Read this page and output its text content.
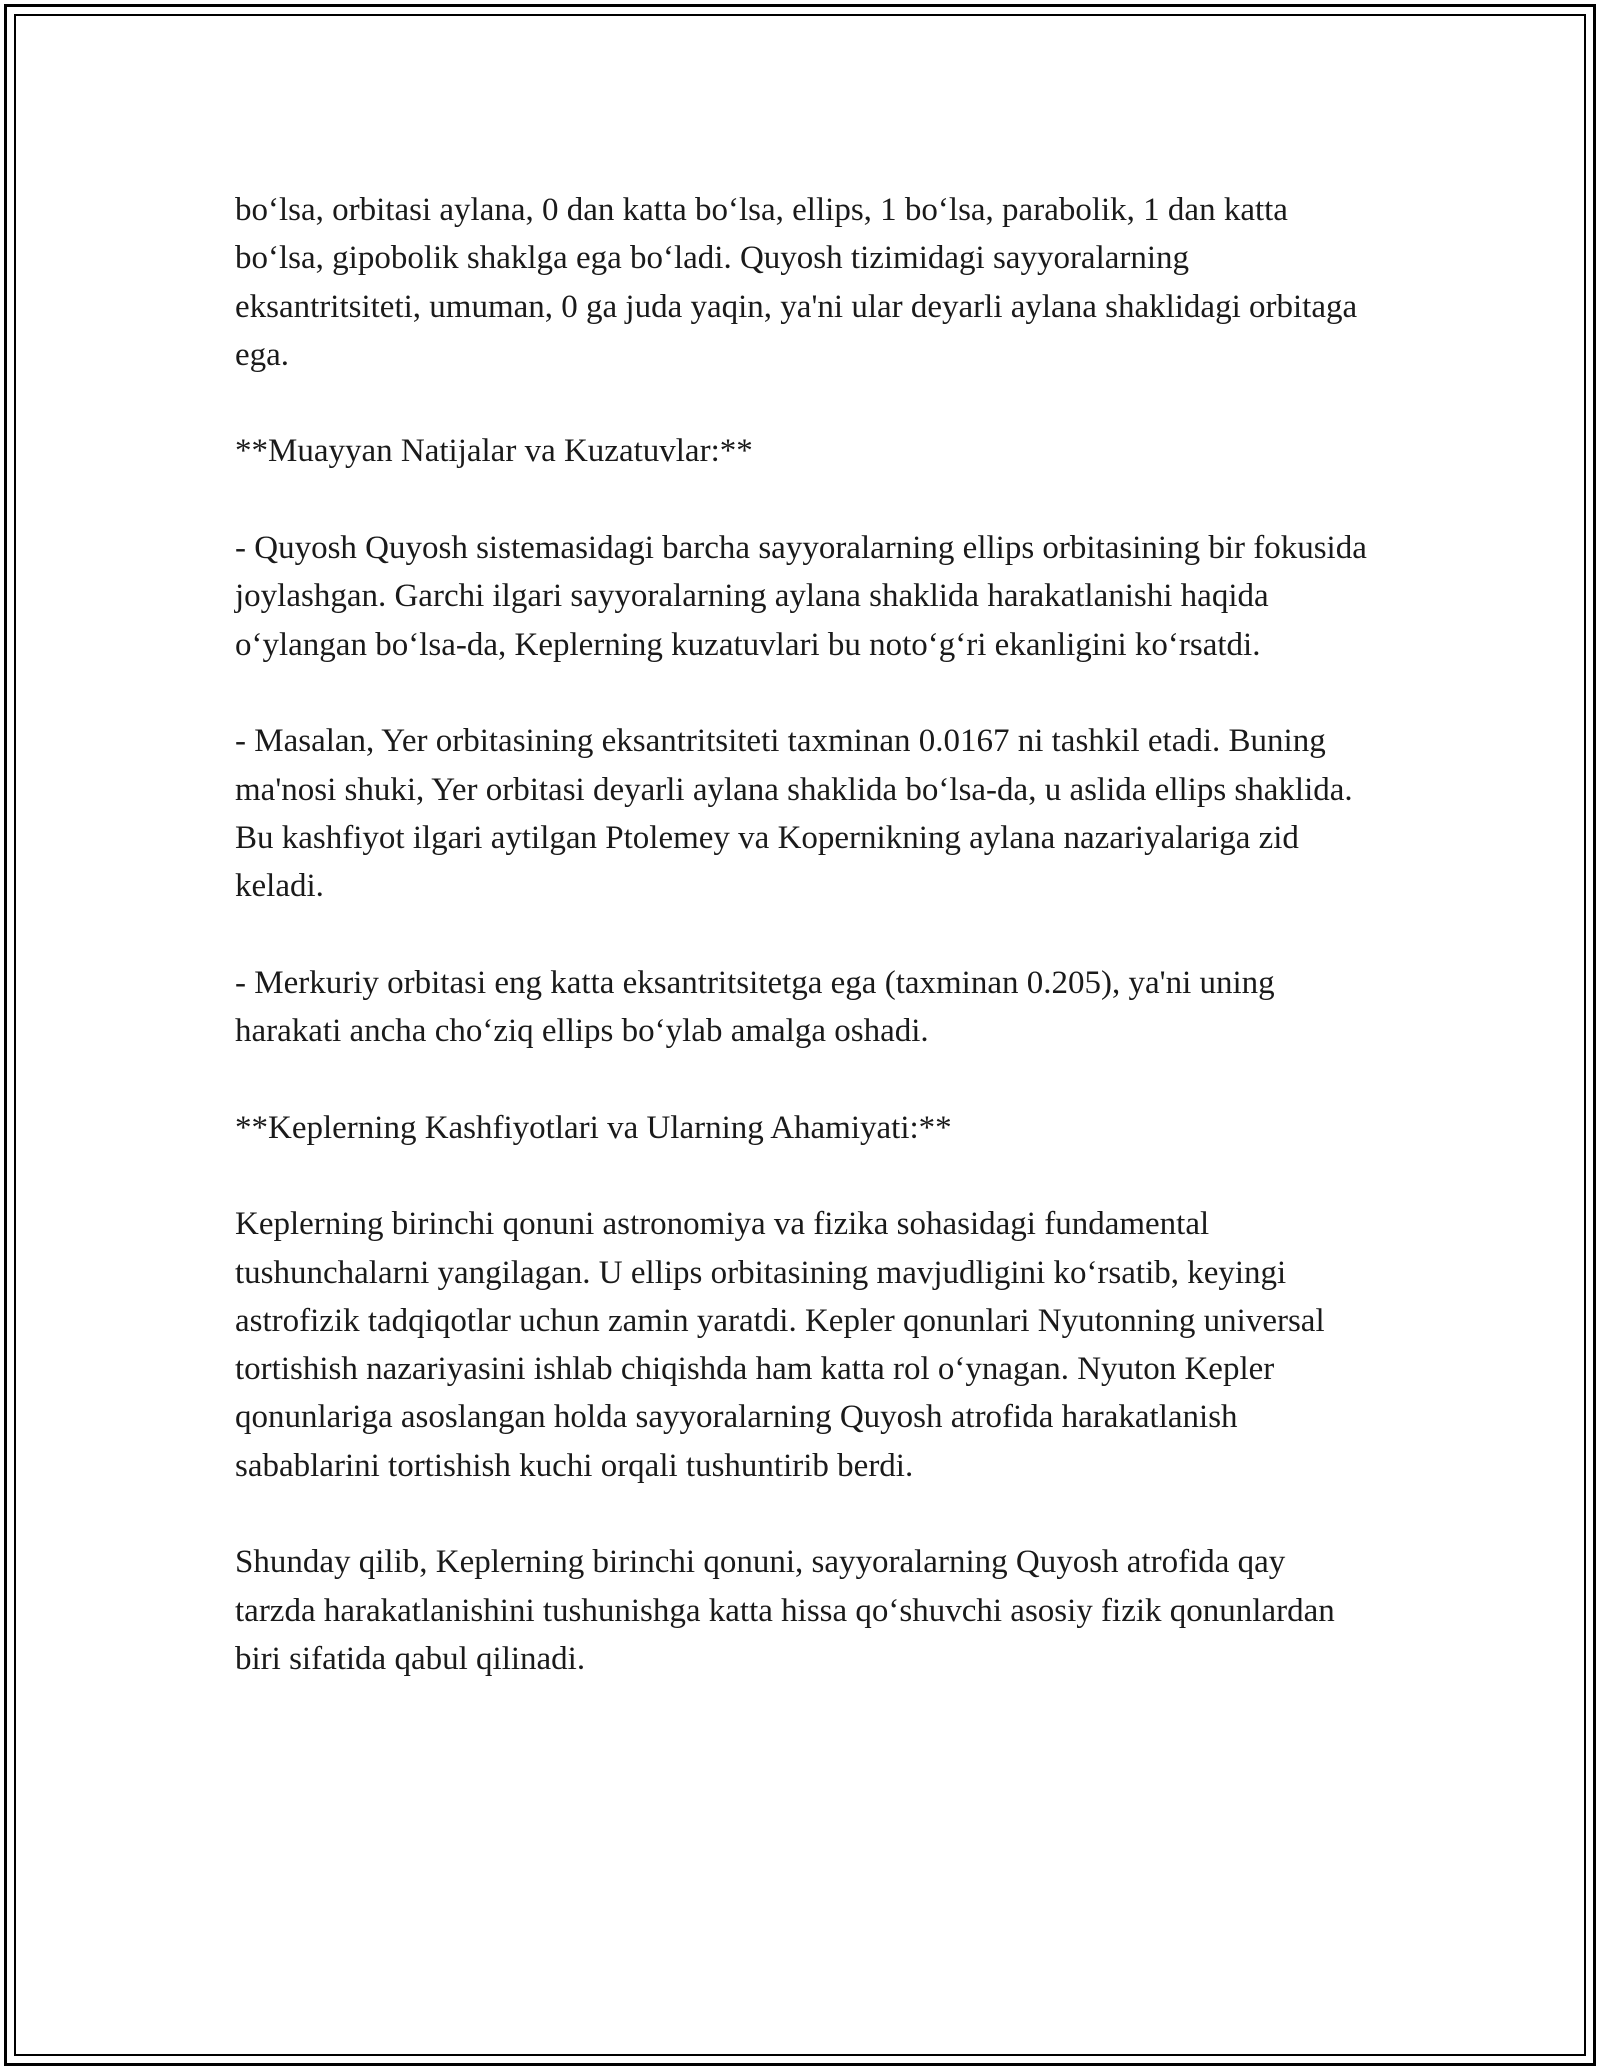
bo‘lsa, orbitasi aylana, 0 dan katta bo‘lsa, ellips, 1 bo‘lsa, parabolik, 1 dan katta bo‘lsa, gipobolik shaklga ega bo‘ladi. Quyosh tizimidagi sayyoralarning eksantritsiteti, umuman, 0 ga juda yaqin, ya'ni ular deyarli aylana shaklidagi orbitaga ega.

**Muayyan Natijalar va Kuzatuvlar:**

- Quyosh Quyosh sistemasidagi barcha sayyoralarning ellips orbitasining bir fokusida joylashgan. Garchi ilgari sayyoralarning aylana shaklida harakatlanishi haqida o‘ylangan bo‘lsa-da, Keplerning kuzatuvlari bu noto‘g‘ri ekanligini ko‘rsatdi.

- Masalan, Yer orbitasining eksantritsiteti taxminan 0.0167 ni tashkil etadi. Buning ma'nosi shuki, Yer orbitasi deyarli aylana shaklida bo‘lsa-da, u aslida ellips shaklida. Bu kashfiyot ilgari aytilgan Ptolemey va Kopernikning aylana nazariyalariga zid keladi.

- Merkuriy orbitasi eng katta eksantritsitetga ega (taxminan 0.205), ya'ni uning harakati ancha cho‘ziq ellips bo‘ylab amalga oshadi.

**Keplerning Kashfiyotlari va Ularning Ahamiyati:**

Keplerning birinchi qonuni astronomiya va fizika sohasidagi fundamental tushunchalarni yangilagan. U ellips orbitasining mavjudligini ko‘rsatib, keyingi astrofizik tadqiqotlar uchun zamin yaratdi. Kepler qonunlari Nyutonning universal tortishish nazariyasini ishlab chiqishda ham katta rol o‘ynagan. Nyuton Kepler qonunlariga asoslangan holda sayyoralarning Quyosh atrofida harakatlanish sabablarini tortishish kuchi orqali tushuntirib berdi.

Shunday qilib, Keplerning birinchi qonuni, sayyoralarning Quyosh atrofida qay tarzda harakatlanishini tushunishga katta hissa qo‘shuvchi asosiy fizik qonunlardan biri sifatida qabul qilinadi.
